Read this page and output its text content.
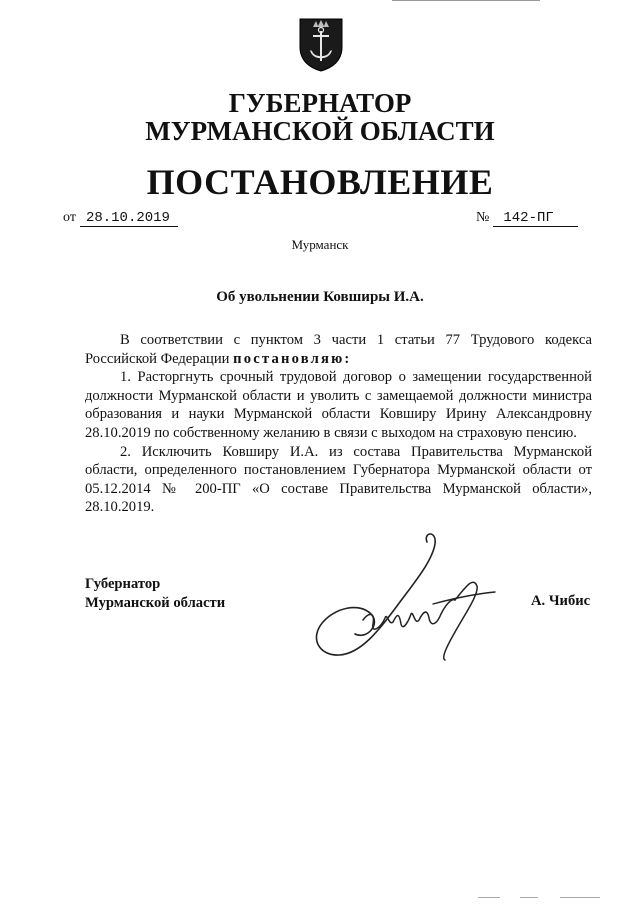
ГУБЕРНАТОР
МУРМАНСКОЙ ОБЛАСТИ
ПОСТАНОВЛЕНИЕ
от 28.10.2019	№ 142-ПГ
Мурманск
Об увольнении Ковширы И.А.

В соответствии с пунктом 3 части 1 статьи 77 Трудового кодекса Российской Федерации постановляю:

1. Расторгнуть срочный трудовой договор о замещении государственной должности Мурманской области и уволить с замещаемой должности министра образования и науки Мурманской области Ковширу Ирину Александровну 28.10.2019 по собственному желанию в связи с выходом на страховую пенсию.

2. Исключить Ковширу И.А. из состава Правительства Мурманской области, определенного постановлением Губернатора Мурманской области от 05.12.2014 № 200-ПГ «О составе Правительства Мурманской области», 28.10.2019.

Губернатор
Мурманской области	А. Чибис
